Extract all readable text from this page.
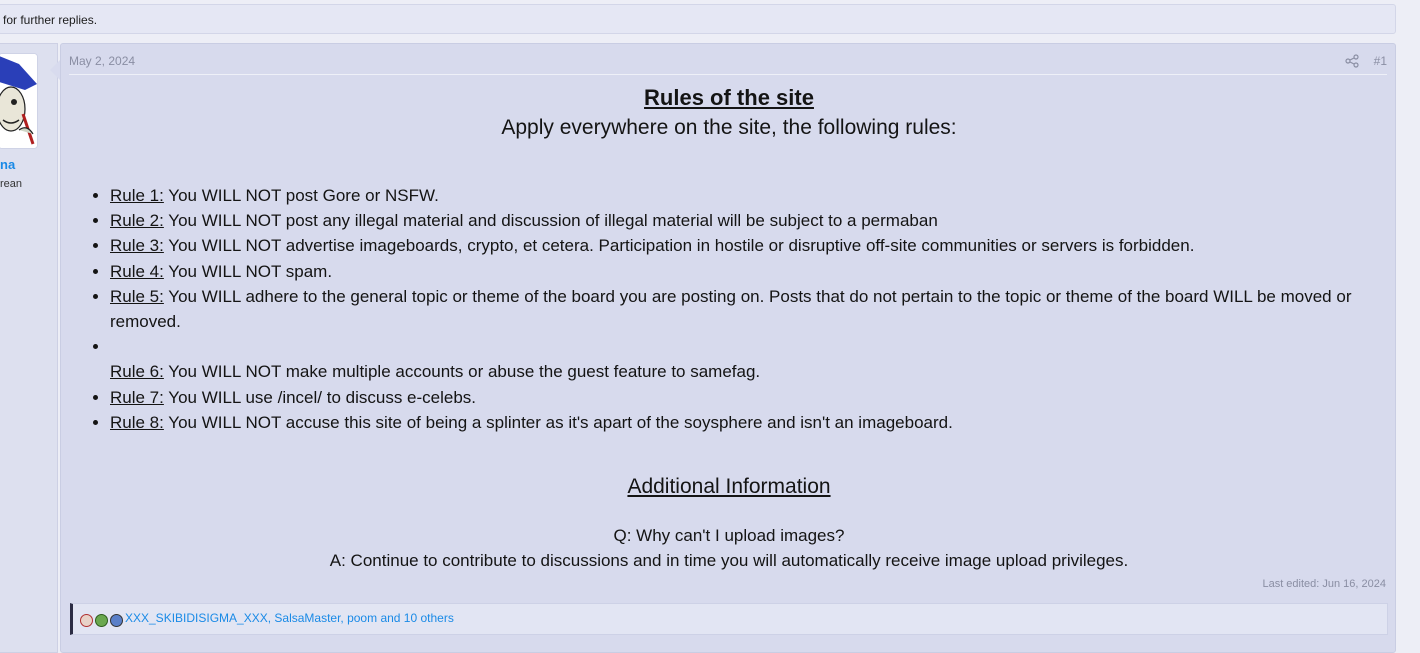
for further replies.
na
rean
May 2, 2024	#1
Rules of the site
Apply everywhere on the site, the following rules:
• Rule 1: You WILL NOT post Gore or NSFW.
• Rule 2: You WILL NOT post any illegal material and discussion of illegal material will be subject to a permaban
• Rule 3: You WILL NOT advertise imageboards, crypto, et cetera. Participation in hostile or disruptive off-site communities or servers is forbidden.
• Rule 4: You WILL NOT spam.
• Rule 5: You WILL adhere to the general topic or theme of the board you are posting on. Posts that do not pertain to the topic or theme of the board WILL be moved or removed.

• Rule 6: You WILL NOT make multiple accounts or abuse the guest feature to samefag.
• Rule 7: You WILL use /incel/ to discuss e-celebs.
• Rule 8: You WILL NOT accuse this site of being a splinter as it's apart of the soysphere and isn't an imageboard.
Additional Information
Q: Why can't I upload images?
A: Continue to contribute to discussions and in time you will automatically receive image upload privileges.
Last edited: Jun 16, 2024
XXX_SKIBIDISIGMA_XXX, SalsaMaster, poom and 10 others
